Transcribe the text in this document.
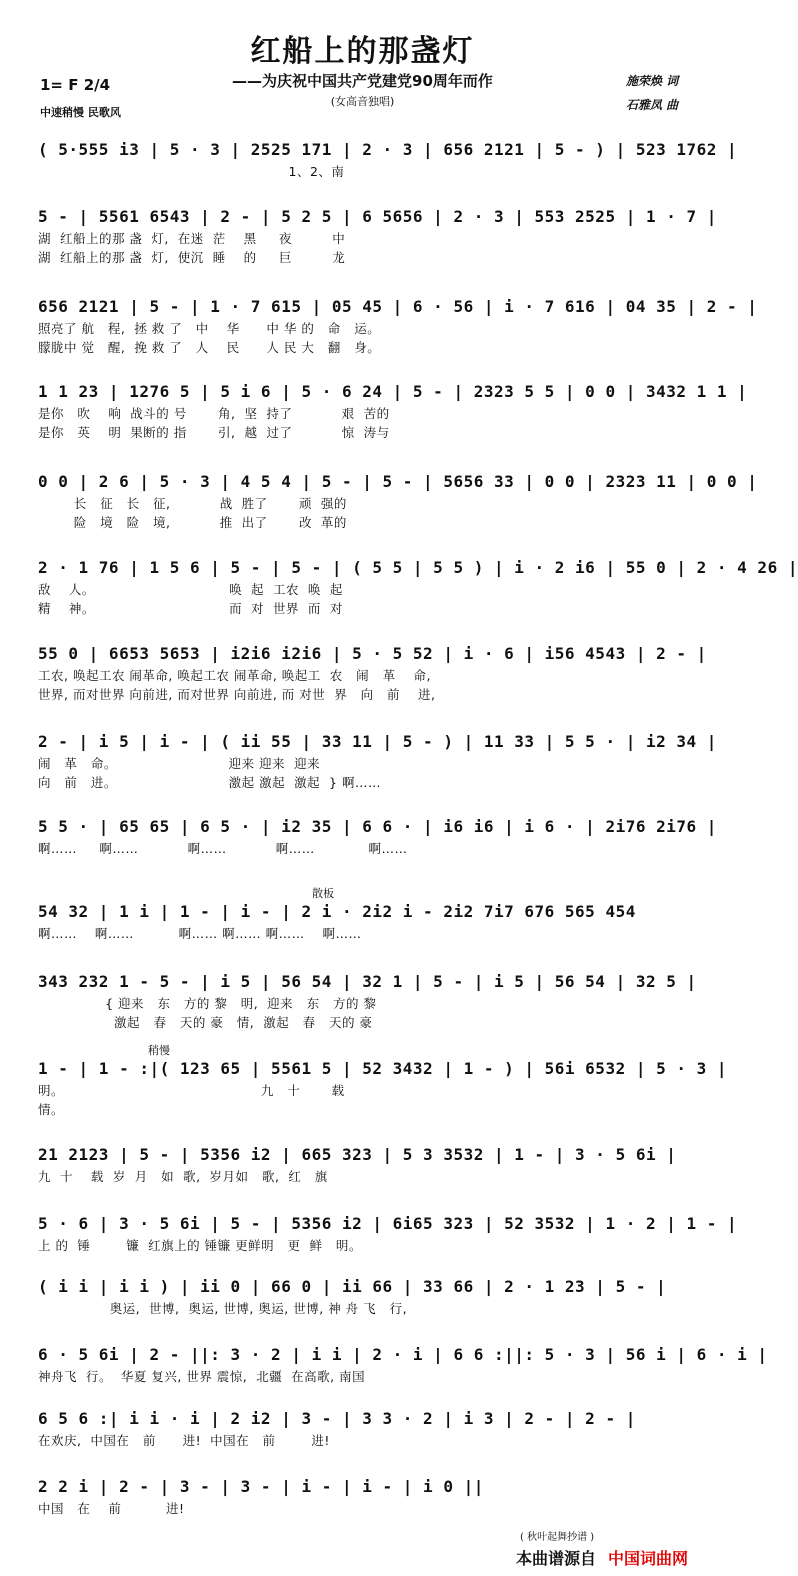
红船上的那盏灯
——为庆祝中国共产党建党90周年而作
(女高音独唱)
1= F 2/4
中速稍慢 民歌风
施荣焕 词
石雅凤 曲
散板
稍慢
( 5·555 i3 | 5 · 3 | 2525 171 | 2 · 3 | 656 2121 | 5 - ) | 523 1762 |
1、2、南
5 - | 5561 6543 | 2 - | 5 2 5 | 6 5656 | 2 · 3 | 553 2525 | 1 · 7 |
湖  红船上的那 盏  灯,  在迷  茫    黑     夜         中
湖  红船上的那 盏  灯,  使沉  睡    的     巨         龙
656 2121 | 5 - | 1 · 7 615 | 05 45 | 6 · 56 | i · 7 616 | 04 35 | 2 - |
照亮了 航   程,  拯 救 了   中    华      中 华 的   命   运。
朦胧中 觉   醒,  挽 救 了   人    民      人 民 大   翻   身。
1 1 23 | 1276 5 | 5 i 6 | 5 · 6 24 | 5 - | 2323 5 5 | 0 0 | 3432 1 1 |
是你   吹    响  战斗的 号       角,  坚  持了           艰  苦的
是你   英    明  果断的 指       引,  越  过了           惊  涛与
0 0 | 2 6 | 5 · 3 | 4 5 4 | 5 - | 5 - | 5656 33 | 0 0 | 2323 11 | 0 0 |
长   征   长   征,           战  胜了       顽  强的
险   境   险   境,           推  出了       改  革的
2 · 1 76 | 1 5 6 | 5 - | 5 - | ( 5 5 | 5 5 ) | i · 2 i6 | 55 0 | 2 · 4 26 |
敌    人。                              唤  起  工农  唤  起
精    神。                              而  对  世界  而  对
55 0 | 6653 5653 | i2i6 i2i6 | 5 · 5 52 | i · 6 | i56 4543 | 2 - |
工农, 唤起工农 闹革命, 唤起工农 闹革命, 唤起工  农   闹   革    命,
世界, 而对世界 向前进, 而对世界 向前进, 而 对世  界   向   前    进,
2 - | i 5 | i - | ( ii 55 | 33 11 | 5 - ) | 11 33 | 5 5 · | i2 34 |
闹   革   命。                         迎来 迎来  迎来
向   前   进。                         激起 激起  激起  } 啊……
5 5 · | 65 65 | 6 5 · | i2 35 | 6 6 · | i6 i6 | i 6 · | 2i76 2i76 |
啊……     啊……           啊……           啊……            啊……
54 32 | 1 i | 1 - | i - | 2 i · 2i2 i - 2i2 7i7 676 565 454
啊……    啊……          啊…… 啊…… 啊……    啊……
343 232 1 - 5 - | i 5 | 56 54 | 32 1 | 5 - | i 5 | 56 54 | 32 5 |
{ 迎来   东   方的 黎   明,  迎来   东   方的 黎
激起   春   天的 豪   情,  激起   春   天的 豪
1 - | 1 - :|( 123 65 | 5561 5 | 52 3432 | 1 - ) | 56i 6532 | 5 · 3 |
明。                                            九   十       载
情。
21 2123 | 5 - | 5356 i2 | 665 323 | 5 3 3532 | 1 - | 3 · 5 6i |
九  十    载  岁  月   如  歌,  岁月如   歌,  红   旗
5 · 6 | 3 · 5 6i | 5 - | 5356 i2 | 6i65 323 | 52 3532 | 1 · 2 | 1 - |
上 的  锤        镰  红旗上的 锤镰 更鲜明   更  鲜   明。
( i i | i i ) | ii 0 | 66 0 | ii 66 | 33 66 | 2 · 1 23 | 5 - |
奥运,  世博,  奥运, 世博, 奥运, 世博, 神 舟 飞   行,
6 · 5 6i | 2 - ||: 3 · 2 | i i | 2 · i | 6 6 :||: 5 · 3 | 56 i | 6 · i |
神舟飞  行。  华夏 复兴, 世界 震惊,  北疆  在高歌, 南国
6 5 6 :| i i · i | 2 i2 | 3 - | 3 3 · 2 | i 3 | 2 - | 2 - |
在欢庆,  中国在   前      进!  中国在   前        进!
2 2 i | 2 - | 3 - | 3 - | i - | i - | i 0 ||
中国   在    前          进!
( 秋叶起舞抄谱 )
本曲谱源自 中国词曲网
